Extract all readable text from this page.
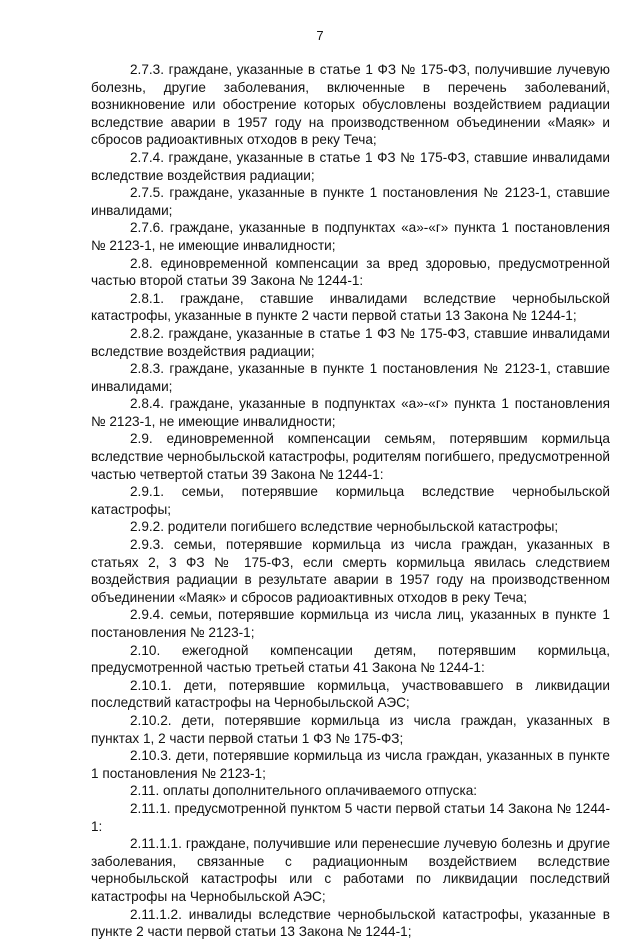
7

2.7.3. граждане, указанные в статье 1 ФЗ № 175-ФЗ, получившие лучевую болезнь, другие заболевания, включенные в перечень заболеваний, возникновение или обострение которых обусловлены воздействием радиации вследствие аварии в 1957 году на производственном объединении «Маяк» и сбросов радиоактивных отходов в реку Теча;

2.7.4. граждане, указанные в статье 1 ФЗ № 175-ФЗ, ставшие инвалидами вследствие воздействия радиации;

2.7.5. граждане, указанные в пункте 1 постановления № 2123-1, ставшие инвалидами;

2.7.6. граждане, указанные в подпунктах «а»-«г» пункта 1 постановления № 2123-1, не имеющие инвалидности;

2.8. единовременной компенсации за вред здоровью, предусмотренной частью второй статьи 39 Закона № 1244-1:

2.8.1. граждане, ставшие инвалидами вследствие чернобыльской катастрофы, указанные в пункте 2 части первой статьи 13 Закона № 1244-1;

2.8.2. граждане, указанные в статье 1 ФЗ № 175-ФЗ, ставшие инвалидами вследствие воздействия радиации;

2.8.3. граждане, указанные в пункте 1 постановления № 2123-1, ставшие инвалидами;

2.8.4. граждане, указанные в подпунктах «а»-«г» пункта 1 постановления № 2123-1, не имеющие инвалидности;

2.9. единовременной компенсации семьям, потерявшим кормильца вследствие чернобыльской катастрофы, родителям погибшего, предусмотренной частью четвертой статьи 39 Закона № 1244-1:

2.9.1. семьи, потерявшие кормильца вследствие чернобыльской катастрофы;

2.9.2. родители погибшего вследствие чернобыльской катастрофы;

2.9.3. семьи, потерявшие кормильца из числа граждан, указанных в статьях 2, 3 ФЗ № 175-ФЗ, если смерть кормильца явилась следствием воздействия радиации в результате аварии в 1957 году на производственном объединении «Маяк» и сбросов радиоактивных отходов в реку Теча;

2.9.4. семьи, потерявшие кормильца из числа лиц, указанных в пункте 1 постановления № 2123-1;

2.10. ежегодной компенсации детям, потерявшим кормильца, предусмотренной частью третьей статьи 41 Закона № 1244-1:

2.10.1. дети, потерявшие кормильца, участвовавшего в ликвидации последствий катастрофы на Чернобыльской АЭС;

2.10.2. дети, потерявшие кормильца из числа граждан, указанных в пунктах 1, 2 части первой статьи 1 ФЗ № 175-ФЗ;

2.10.3. дети, потерявшие кормильца из числа граждан, указанных в пункте 1 постановления № 2123-1;

2.11. оплаты дополнительного оплачиваемого отпуска:

2.11.1. предусмотренной пунктом 5 части первой статьи 14 Закона № 1244-1:

2.11.1.1. граждане, получившие или перенесшие лучевую болезнь и другие заболевания, связанные с радиационным воздействием вследствие чернобыльской катастрофы или с работами по ликвидации последствий катастрофы на Чернобыльской АЭС;

2.11.1.2. инвалиды вследствие чернобыльской катастрофы, указанные в пункте 2 части первой статьи 13 Закона № 1244-1;
